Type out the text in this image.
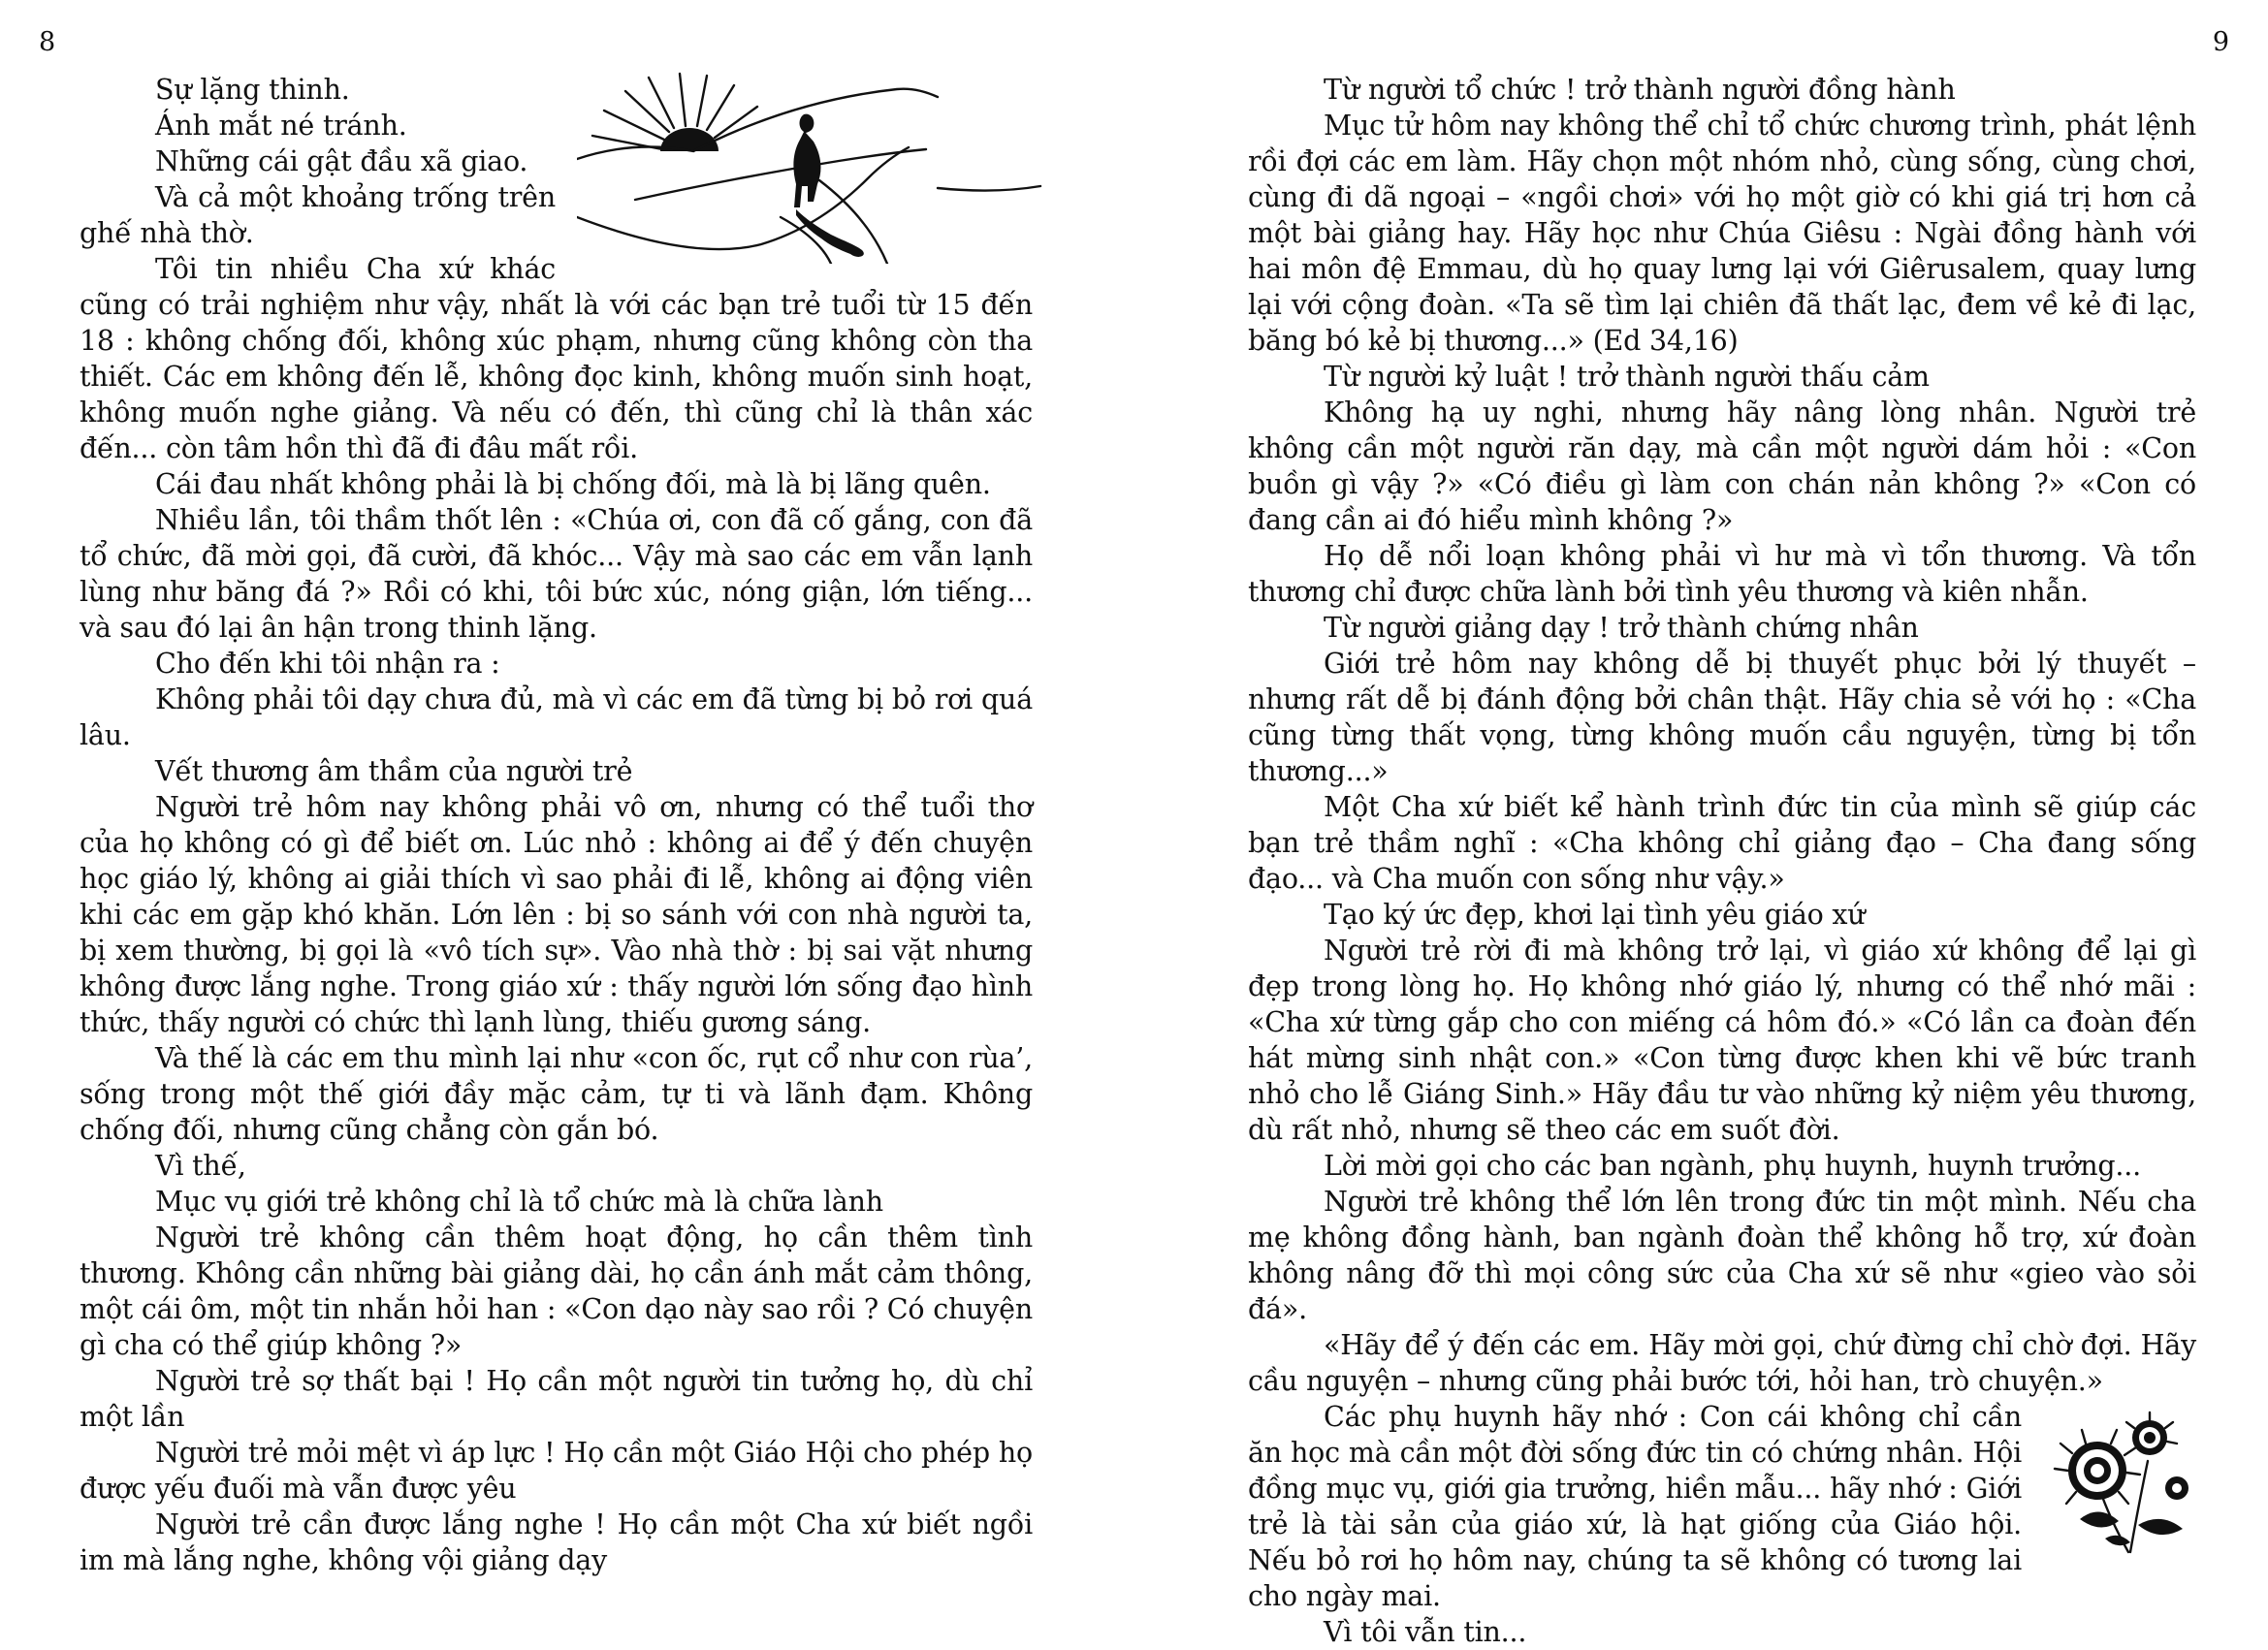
8

Sự lặng thinh.

Ánh mắt né tránh.

Những cái gật đầu xã giao.

Và cả một khoảng trống trên ghế nhà thờ.

Tôi tin nhiều Cha xứ khác cũng có trải nghiệm như vậy, nhất là với các bạn trẻ tuổi từ 15 đến 18 : không chống đối, không xúc phạm, nhưng cũng không còn tha thiết. Các em không đến lễ, không đọc kinh, không muốn sinh hoạt, không muốn nghe giảng. Và nếu có đến, thì cũng chỉ là thân xác đến... còn tâm hồn thì đã đi đâu mất rồi.

Cái đau nhất không phải là bị chống đối, mà là bị lãng quên.

Nhiều lần, tôi thầm thốt lên : «Chúa ơi, con đã cố gắng, con đã tổ chức, đã mời gọi, đã cười, đã khóc... Vậy mà sao các em vẫn lạnh lùng như băng đá ?» Rồi có khi, tôi bức xúc, nóng giận, lớn tiếng... và sau đó lại ân hận trong thinh lặng.

Cho đến khi tôi nhận ra :

Không phải tôi dạy chưa đủ, mà vì các em đã từng bị bỏ rơi quá lâu.

Vết thương âm thầm của người trẻ

Người trẻ hôm nay không phải vô ơn, nhưng có thể tuổi thơ của họ không có gì để biết ơn. Lúc nhỏ : không ai để ý đến chuyện học giáo lý, không ai giải thích vì sao phải đi lễ, không ai động viên khi các em gặp khó khăn. Lớn lên : bị so sánh với con nhà người ta, bị xem thường, bị gọi là «vô tích sự». Vào nhà thờ : bị sai vặt nhưng không được lắng nghe. Trong giáo xứ : thấy người lớn sống đạo hình thức, thấy người có chức thì lạnh lùng, thiếu gương sáng.

Và thế là các em thu mình lại như «con ốc, rụt cổ như con rùa’, sống trong một thế giới đầy mặc cảm, tự ti và lãnh đạm. Không chống đối, nhưng cũng chẳng còn gắn bó.

Vì thế,

Mục vụ giới trẻ không chỉ là tổ chức mà là chữa lành

Người trẻ không cần thêm hoạt động, họ cần thêm tình thương. Không cần những bài giảng dài, họ cần ánh mắt cảm thông, một cái ôm, một tin nhắn hỏi han : «Con dạo này sao rồi ? Có chuyện gì cha có thể giúp không ?»

Người trẻ sợ thất bại ! Họ cần một người tin tưởng họ, dù chỉ một lần

Người trẻ mỏi mệt vì áp lực ! Họ cần một Giáo Hội cho phép họ được yếu đuối mà vẫn được yêu

Người trẻ cần được lắng nghe ! Họ cần một Cha xứ biết ngồi im mà lắng nghe, không vội giảng dạy

9

Từ người tổ chức ! trở thành người đồng hành

Mục tử hôm nay không thể chỉ tổ chức chương trình, phát lệnh rồi đợi các em làm. Hãy chọn một nhóm nhỏ, cùng sống, cùng chơi, cùng đi dã ngoại – «ngồi chơi» với họ một giờ có khi giá trị hơn cả một bài giảng hay. Hãy học như Chúa Giêsu : Ngài đồng hành với hai môn đệ Emmau, dù họ quay lưng lại với Giêrusalem, quay lưng lại với cộng đoàn. «Ta sẽ tìm lại chiên đã thất lạc, đem về kẻ đi lạc, băng bó kẻ bị thương...» (Ed 34,16)

Từ người kỷ luật ! trở thành người thấu cảm

Không hạ uy nghi, nhưng hãy nâng lòng nhân. Người trẻ không cần một người răn dạy, mà cần một người dám hỏi : «Con buồn gì vậy ?» «Có điều gì làm con chán nản không ?» «Con có đang cần ai đó hiểu mình không ?»

Họ dễ nổi loạn không phải vì hư mà vì tổn thương. Và tổn thương chỉ được chữa lành bởi tình yêu thương và kiên nhẫn.

Từ người giảng dạy ! trở thành chứng nhân

Giới trẻ hôm nay không dễ bị thuyết phục bởi lý thuyết – nhưng rất dễ bị đánh động bởi chân thật. Hãy chia sẻ với họ : «Cha cũng từng thất vọng, từng không muốn cầu nguyện, từng bị tổn thương...»

Một Cha xứ biết kể hành trình đức tin của mình sẽ giúp các bạn trẻ thầm nghĩ : «Cha không chỉ giảng đạo – Cha đang sống đạo... và Cha muốn con sống như vậy.»

Tạo ký ức đẹp, khơi lại tình yêu giáo xứ

Người trẻ rời đi mà không trở lại, vì giáo xứ không để lại gì đẹp trong lòng họ. Họ không nhớ giáo lý, nhưng có thể nhớ mãi : «Cha xứ từng gắp cho con miếng cá hôm đó.» «Có lần ca đoàn đến hát mừng sinh nhật con.» «Con từng được khen khi vẽ bức tranh nhỏ cho lễ Giáng Sinh.» Hãy đầu tư vào những kỷ niệm yêu thương, dù rất nhỏ, nhưng sẽ theo các em suốt đời.

Lời mời gọi cho các ban ngành, phụ huynh, huynh trưởng...

Người trẻ không thể lớn lên trong đức tin một mình. Nếu cha mẹ không đồng hành, ban ngành đoàn thể không hỗ trợ, xứ đoàn không nâng đỡ thì mọi công sức của Cha xứ sẽ như «gieo vào sỏi đá».

«Hãy để ý đến các em. Hãy mời gọi, chứ đừng chỉ chờ đợi. Hãy cầu nguyện – nhưng cũng phải bước tới, hỏi han, trò chuyện.»

Các phụ huynh hãy nhớ : Con cái không chỉ cần ăn học mà cần một đời sống đức tin có chứng nhân. Hội đồng mục vụ, giới gia trưởng, hiền mẫu... hãy nhớ : Giới trẻ là tài sản của giáo xứ, là hạt giống của Giáo hội. Nếu bỏ rơi họ hôm nay, chúng ta sẽ không có tương lai cho ngày mai.

Vì tôi vẫn tin...
